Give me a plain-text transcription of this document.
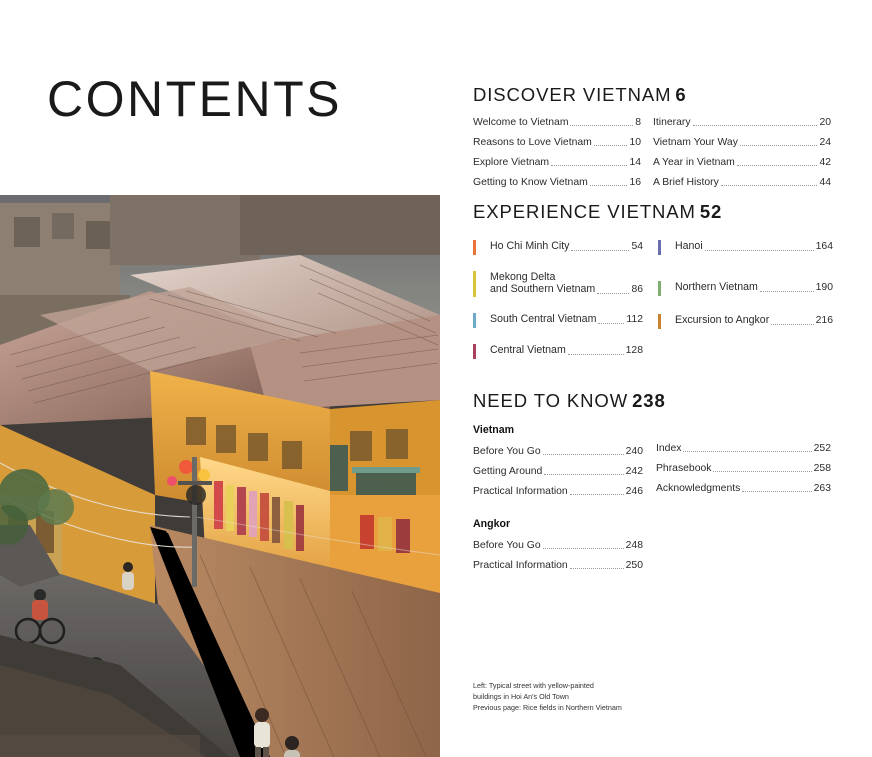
CONTENTS	DISCOVER VIETNAM 6
Welcome to Vietnam	8
Reasons to Love Vietnam	10
Explore Vietnam	14
Getting to Know Vietnam	16
Itinerary	20
Vietnam Your Way	24
A Year in Vietnam	42
A Brief History	44
EXPERIENCE VIETNAM 52
Ho Chi Minh City	54
Mekong Delta
and Southern Vietnam	86
South Central Vietnam	112
Central Vietnam	128
Hanoi	164
Northern Vietnam	190
Excursion to Angkor	216
NEED TO KNOW 238
Vietnam
Before You Go	240
Getting Around	242
Practical Information	246
Angkor
Before You Go	248
Practical Information	250
Index	252
Phrasebook	258
Acknowledgments	263
Left: Typical street with yellow-painted
buildings in Hoi An's Old Town
Previous page: Rice fields in Northern Vietnam
